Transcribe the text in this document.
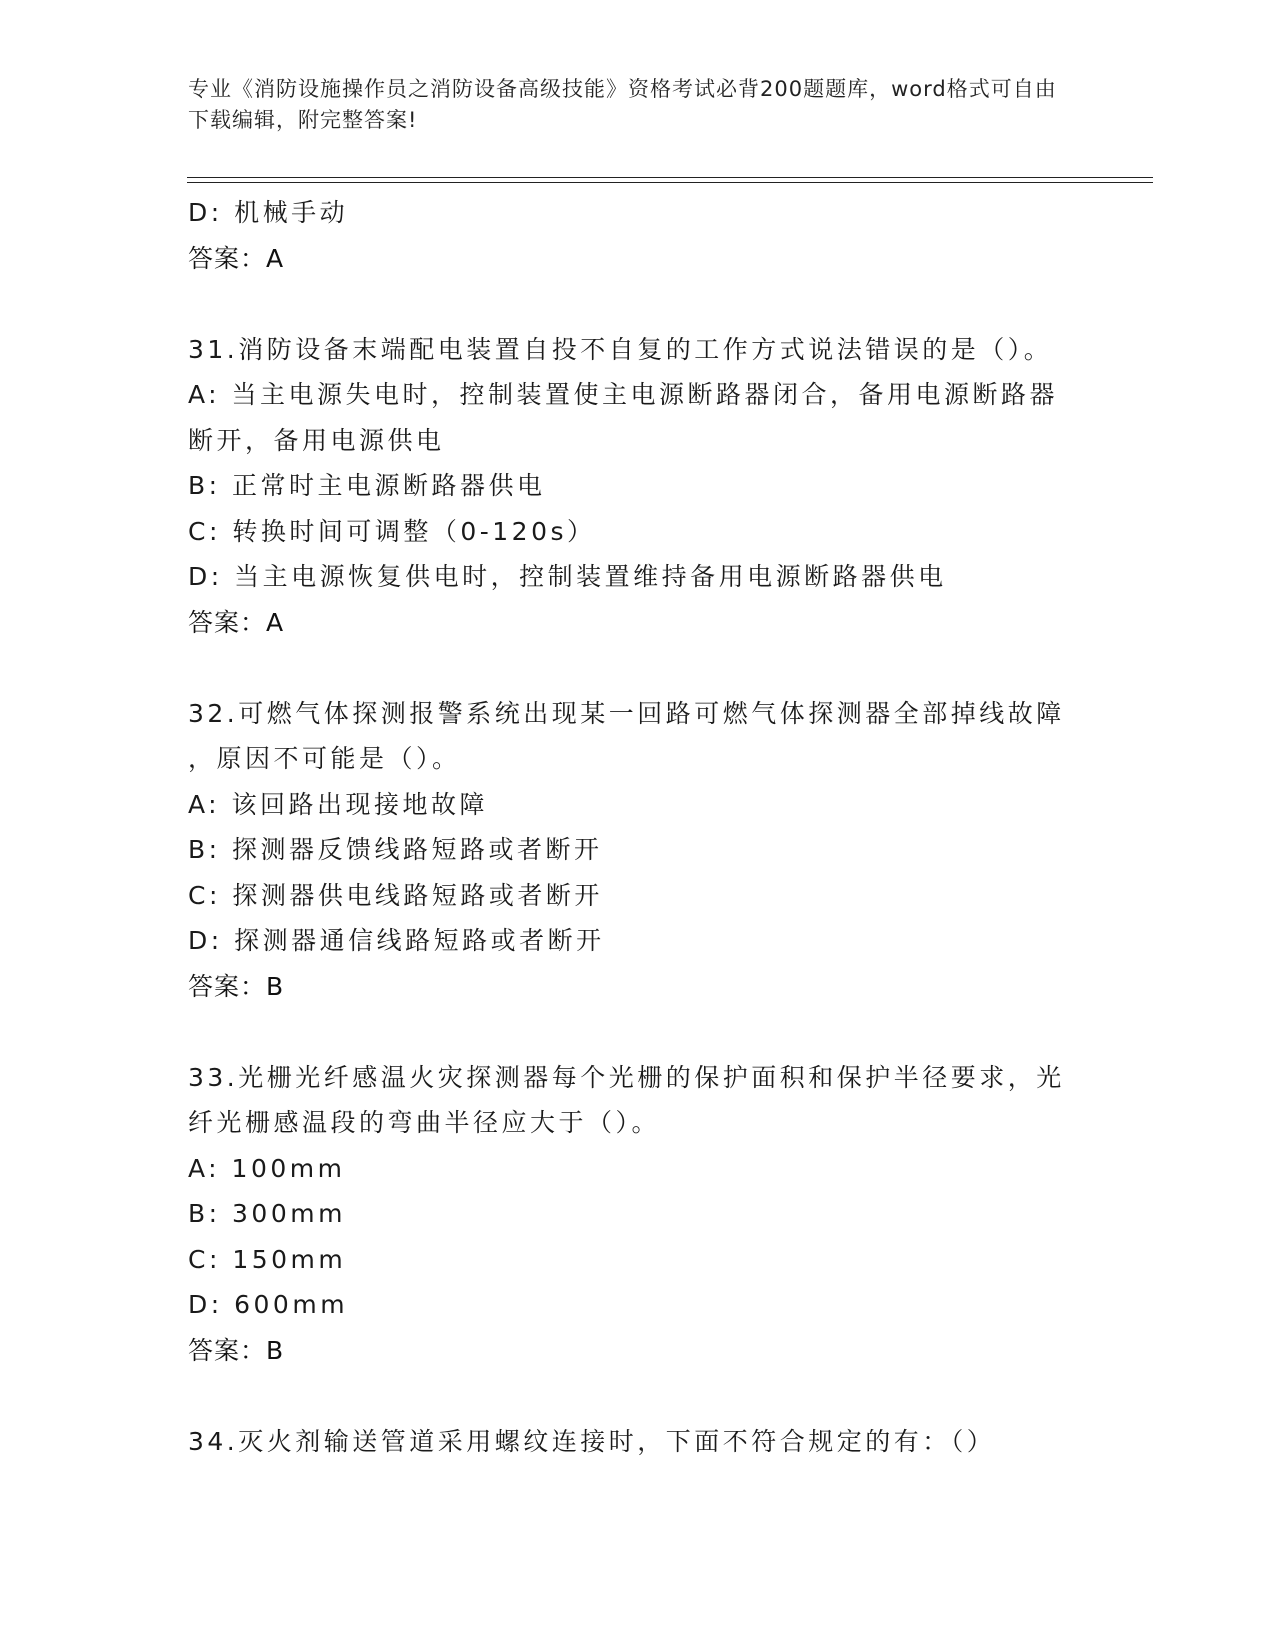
专业《消防设施操作员之消防设备高级技能》资格考试必背200题题库，word格式可自由下载编辑，附完整答案!
D: 机械手动
答案：A
31.消防设备末端配电装置自投不自复的工作方式说法错误的是（）。
A: 当主电源失电时，控制装置使主电源断路器闭合，备用电源断路器
断开，备用电源供电
B: 正常时主电源断路器供电
C: 转换时间可调整（0-120s）
D: 当主电源恢复供电时，控制装置维持备用电源断路器供电
答案：A
32.可燃气体探测报警系统出现某一回路可燃气体探测器全部掉线故障
，原因不可能是（）。
A: 该回路出现接地故障
B: 探测器反馈线路短路或者断开
C: 探测器供电线路短路或者断开
D: 探测器通信线路短路或者断开
答案：B
33.光栅光纤感温火灾探测器每个光栅的保护面积和保护半径要求，光
纤光栅感温段的弯曲半径应大于（）。
A: 100mm
B: 300mm
C: 150mm
D: 600mm
答案：B
34.灭火剂输送管道采用螺纹连接时，下面不符合规定的有：（）
